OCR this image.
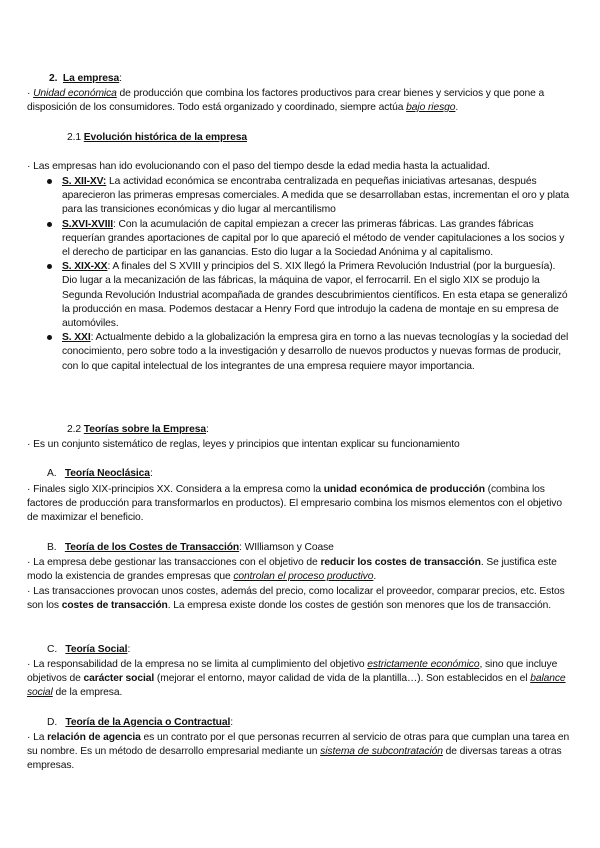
2. La empresa:

· Unidad económica de producción que combina los factores productivos para crear bienes y servicios y que pone a disposición de los consumidores. Todo está organizado y coordinado, siempre actúa bajo riesgo.

2.1 Evolución histórica de la empresa

· Las empresas han ido evolucionando con el paso del tiempo desde la edad media hasta la actualidad.

S. XII-XV: La actividad económica se encontraba centralizada en pequeñas iniciativas artesanas, después aparecieron las primeras empresas comerciales. A medida que se desarrollaban estas, incrementan el oro y plata para las transiciones económicas y dio lugar al mercantilismo
S.XVI-XVIII: Con la acumulación de capital empiezan a crecer las primeras fábricas. Las grandes fábricas requerían grandes aportaciones de capital por lo que apareció el método de vender capitulaciones a los socios y el derecho de participar en las ganancias. Esto dio lugar a la Sociedad Anónima y al capitalismo.
S. XIX-XX: A finales del S XVIII y principios del S. XIX llegó la Primera Revolución Industrial (por la burguesía). Dio lugar a la mecanización de las fábricas, la máquina de vapor, el ferrocarril. En el siglo XIX se produjo la Segunda Revolución Industrial acompañada de grandes descubrimientos científicos. En esta etapa se generalizó la producción en masa. Podemos destacar a Henry Ford que introdujo la cadena de montaje en su empresa de automóviles.
S. XXI: Actualmente debido a la globalización la empresa gira en torno a las nuevas tecnologías y la sociedad del conocimiento, pero sobre todo a la investigación y desarrollo de nuevos productos y nuevas formas de producir, con lo que capital intelectual de los integrantes de una empresa requiere mayor importancia.

2.2 Teorías sobre la Empresa:

· Es un conjunto sistemático de reglas, leyes y principios que intentan explicar su funcionamiento

A. Teoría Neoclásica:

· Finales siglo XIX-principios XX. Considera a la empresa como la unidad económica de producción (combina los factores de producción para transformarlos en productos). El empresario combina los mismos elementos con el objetivo de maximizar el beneficio.

B. Teoría de los Costes de Transacción: WIlliamson y Coase

· La empresa debe gestionar las transacciones con el objetivo de reducir los costes de transacción. Se justifica este modo la existencia de grandes empresas que controlan el proceso productivo.

· Las transacciones provocan unos costes, además del precio, como localizar el proveedor, comparar precios, etc. Estos son los costes de transacción. La empresa existe donde los costes de gestión son menores que los de transacción.

C. Teoría Social:

· La responsabilidad de la empresa no se limita al cumplimiento del objetivo estrictamente económico, sino que incluye objetivos de carácter social (mejorar el entorno, mayor calidad de vida de la plantilla…). Son establecidos en el balance social de la empresa.

D. Teoría de la Agencia o Contractual:

· La relación de agencia es un contrato por el que personas recurren al servicio de otras para que cumplan una tarea en su nombre. Es un método de desarrollo empresarial mediante un sistema de subcontratación de diversas tareas a otras empresas.
